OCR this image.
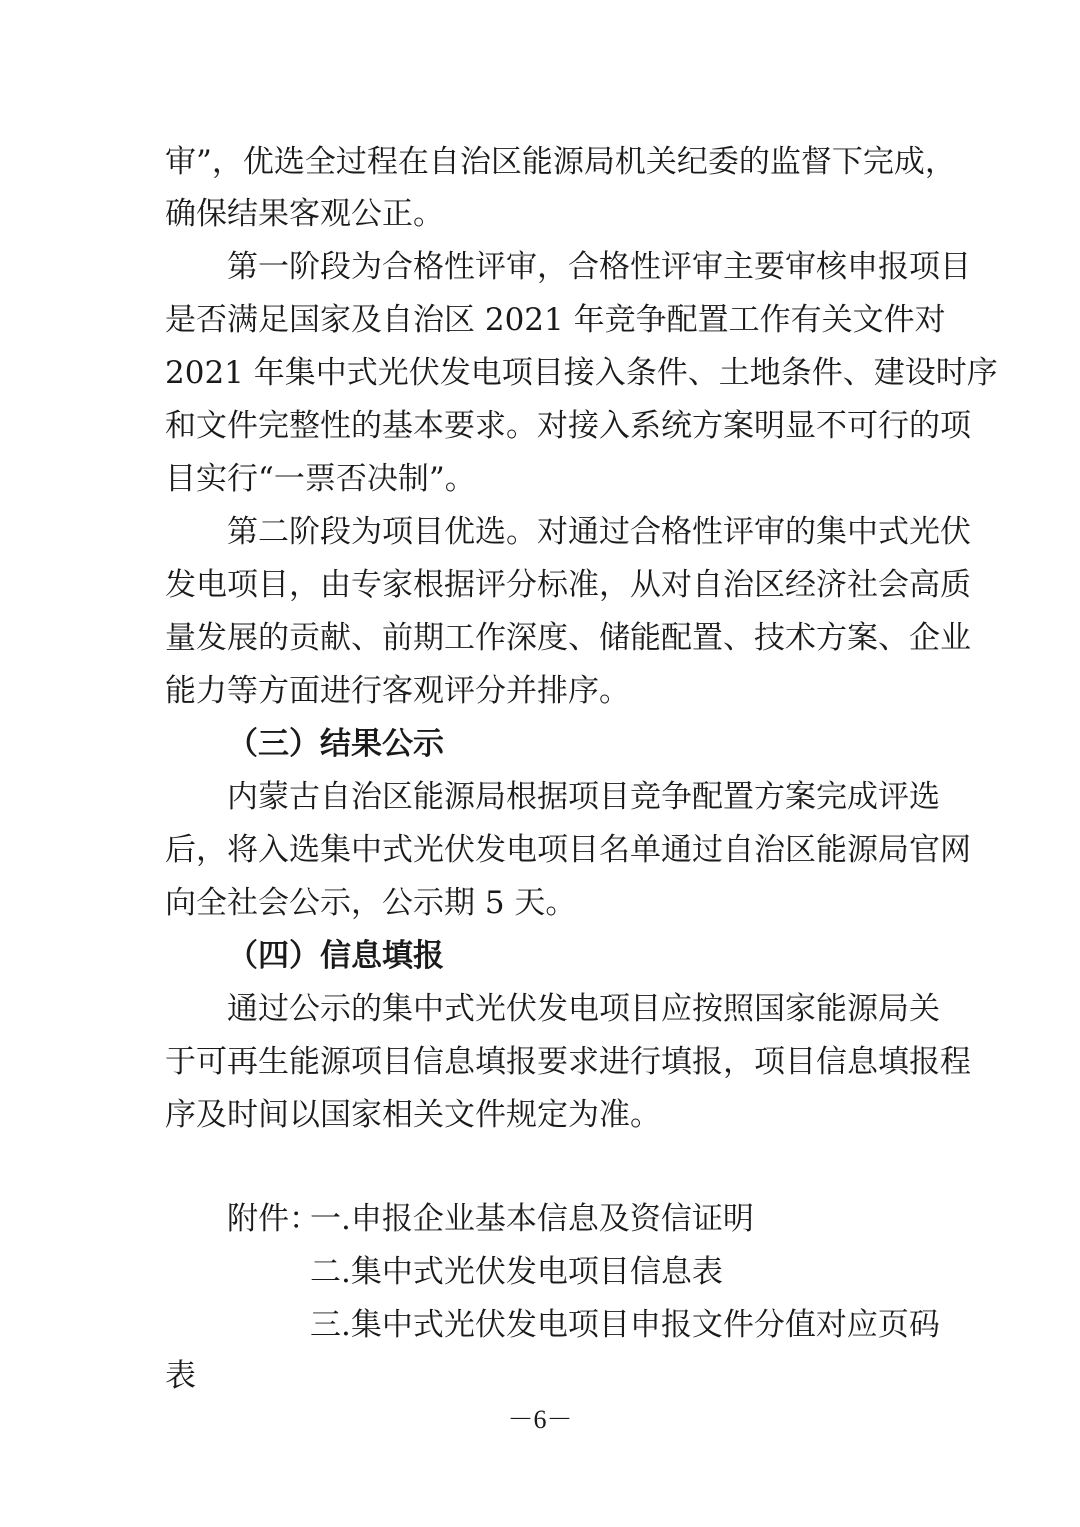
审”，优选全过程在自治区能源局机关纪委的监督下完成，
确保结果客观公正。
第一阶段为合格性评审，合格性评审主要审核申报项目
是否满足国家及自治区 2021 年竞争配置工作有关文件对
2021 年集中式光伏发电项目接入条件、土地条件、建设时序
和文件完整性的基本要求。对接入系统方案明显不可行的项
目实行“一票否决制”。
第二阶段为项目优选。对通过合格性评审的集中式光伏
发电项目，由专家根据评分标准，从对自治区经济社会高质
量发展的贡献、前期工作深度、储能配置、技术方案、企业
能力等方面进行客观评分并排序。
（三）结果公示
内蒙古自治区能源局根据项目竞争配置方案完成评选
后，将入选集中式光伏发电项目名单通过自治区能源局官网
向全社会公示，公示期 5 天。
（四）信息填报
通过公示的集中式光伏发电项目应按照国家能源局关
于可再生能源项目信息填报要求进行填报，项目信息填报程
序及时间以国家相关文件规定为准。
附件：
一.申报企业基本信息及资信证明
二.集中式光伏发电项目信息表
三.集中式光伏发电项目申报文件分值对应页码
表
－6－
